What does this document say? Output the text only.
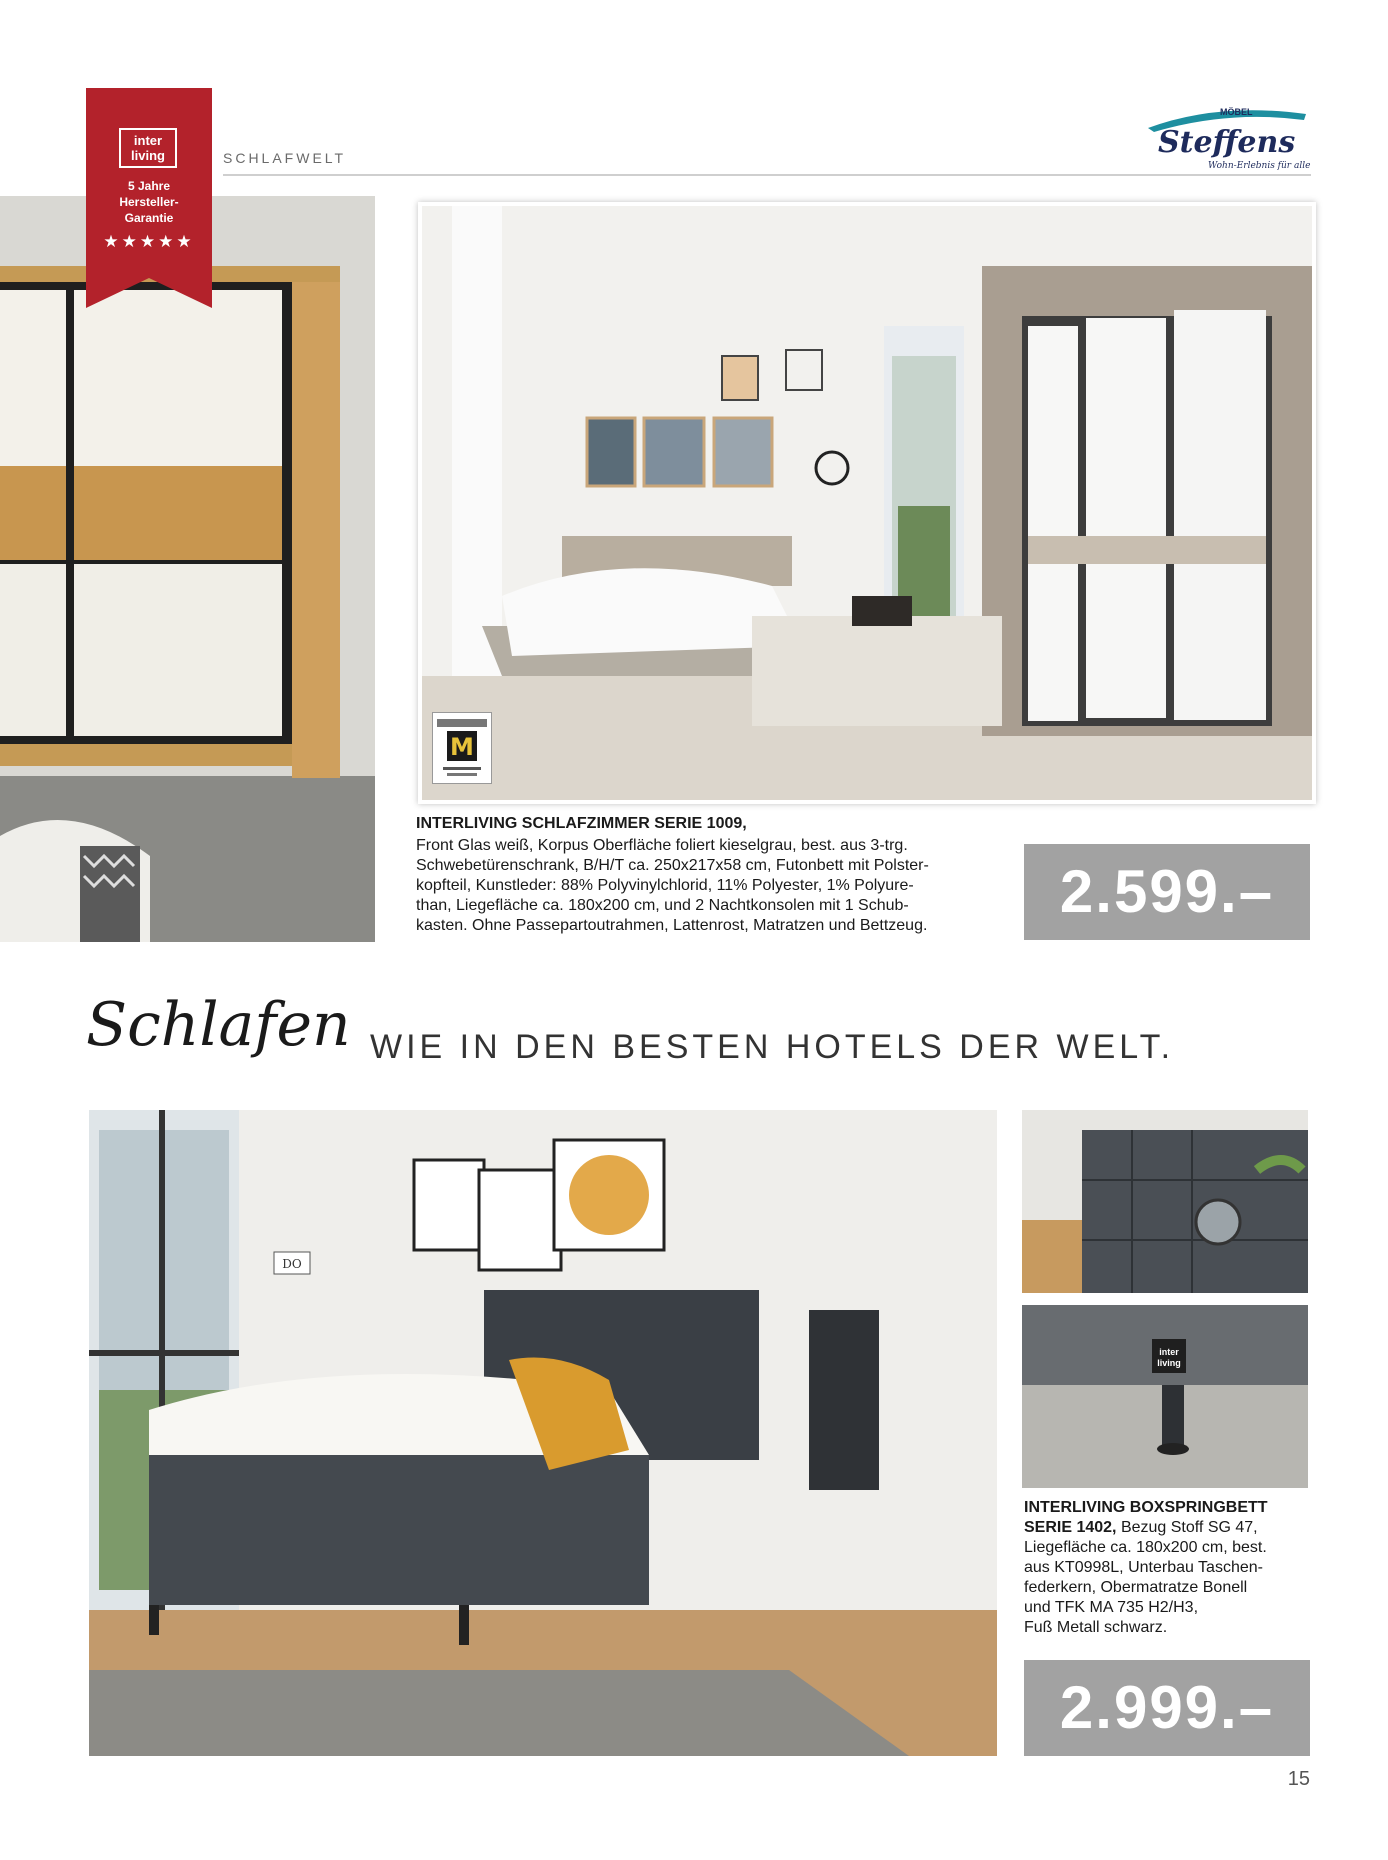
SCHLAFWELT
MÖBEL
Steffens
Wohn-Erlebnis für alle
inter
living
5 Jahre
Hersteller-
Garantie
★★★★★
M
INTERLIVING SCHLAFZIMMER SERIE 1009,
Front Glas weiß, Korpus Oberfläche foliert kieselgrau, best. aus 3-trg.
Schwebetürenschrank, B/H/T ca. 250x217x58 cm, Futonbett mit Polster-
kopfteil, Kunstleder: 88% Polyvinylchlorid, 11% Polyester, 1% Polyure-
than, Liegefläche ca. 180x200 cm, und 2 Nachtkonsolen mit 1 Schub-
kasten. Ohne Passepartoutrahmen, Lattenrost, Matratzen und Bettzeug.
2.599.–
Schlafen WIE IN DEN BESTEN HOTELS DER WELT.
DO
inter
living
INTERLIVING BOXSPRINGBETT
SERIE 1402, Bezug Stoff SG 47,
Liegefläche ca. 180x200 cm, best.
aus KT0998L, Unterbau Taschen-
federkern, Obermatratze Bonell
und TFK MA 735 H2/H3,
Fuß Metall schwarz.
2.999.–
15
